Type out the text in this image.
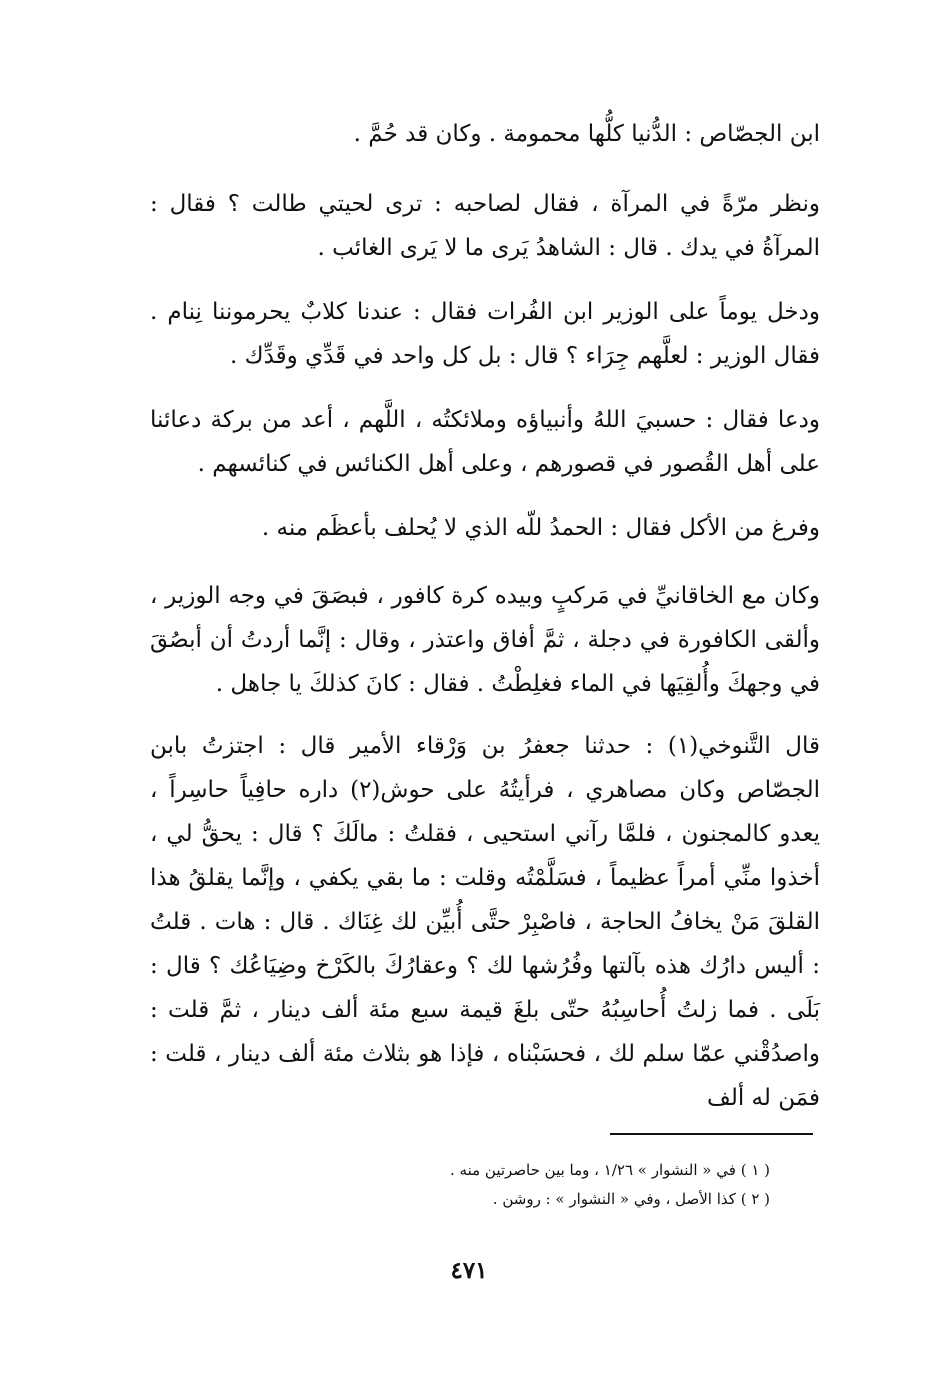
ابن الجصّاص : الدُّنيا كلُّها محمومة . وكان قد حُمَّ .

ونظر مرّةً في المرآة ، فقال لصاحبه : ترى لحيتي طالت ؟ فقال : المرآةُ في يدك . قال : الشاهدُ يَرى ما لا يَرى الغائب .

ودخل يوماً على الوزير ابن الفُرات فقال : عندنا كلابٌ يحرموننا نِنام . فقال الوزير : لعلَّهم جِرَاء ؟ قال : بل كل واحد في قَدِّي وقَدِّك .

ودعا فقال : حسبيَ اللهُ وأنبياؤه وملائكتُه ، اللَّهم ، أعد من بركة دعائنا على أهل القُصور في قصورهم ، وعلى أهل الكنائس في كنائسهم .

وفرغ من الأكل فقال : الحمدُ للّه الذي لا يُحلف بأعظَم منه .

وكان مع الخاقانيِّ في مَركبٍ وبيده كرة كافور ، فبصَقَ في وجه الوزير ، وألقى الكافورة في دجلة ، ثمَّ أفاق واعتذر ، وقال : إنَّما أردتُ أن أبصُقَ في وجهكَ وأُلقِيَها في الماء فغلِطْتُ . فقال : كانَ كذلكَ يا جاهل .

قال التَّنوخي(١) : حدثنا جعفرُ بن وَرْقاء الأمير قال : اجتزتُ بابن الجصّاص وكان مصاهري ، فرأيتُهُ على حوش(٢) داره حافِياً حاسِراً ، يعدو كالمجنون ، فلمَّا رآني استحيى ، فقلتُ : مالَكَ ؟ قال : يحقُّ لي ، أخذوا منِّي أمراً عظيماً ، فسَلَّمْتُه وقلت : ما بقي يكفي ، وإنَّما يقلقُ هذا القلقَ مَنْ يخافُ الحاجة ، فاصْبِرْ حتَّى أُبيِّن لك غِنَاك . قال : هات . قلتُ : أليس دارُك هذه بآلتها وفُرُشها لك ؟ وعقارُكَ بالكَرْخ وضِيَاعُك ؟ قال : بَلَى . فما زلتُ أُحاسِبُهُ حتّى بلغَ قيمة سبع مئة ألف دينار ، ثمَّ قلت : واصدُقْني عمّا سلم لك ، فحسَبْناه ، فإذا هو بثلاث مئة ألف دينار ، قلت : فمَن له ألف

( ١ ) في « النشوار » ١/٢٦ ، وما بين حاصرتين منه .

( ٢ ) كذا الأصل ، وفي « النشوار » : روشن .

٤٧١
